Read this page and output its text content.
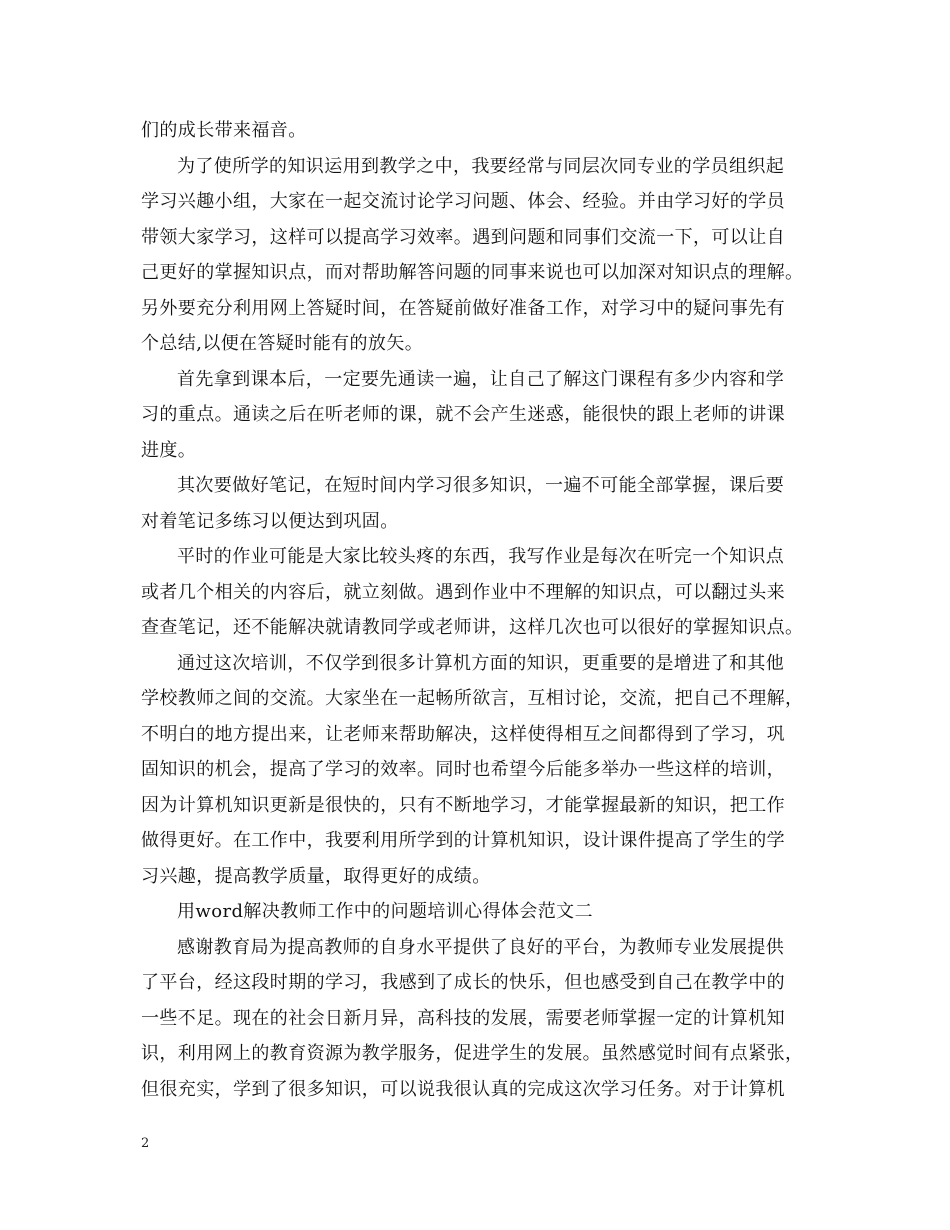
们的成长带来福音。
为了使所学的知识运用到教学之中，我要经常与同层次同专业的学员组织起
学习兴趣小组，大家在一起交流讨论学习问题、体会、经验。并由学习好的学员
带领大家学习，这样可以提高学习效率。遇到问题和同事们交流一下，可以让自
己更好的掌握知识点，而对帮助解答问题的同事来说也可以加深对知识点的理解。
另外要充分利用网上答疑时间，在答疑前做好准备工作，对学习中的疑问事先有
个总结,以便在答疑时能有的放矢。
首先拿到课本后，一定要先通读一遍，让自己了解这门课程有多少内容和学
习的重点。通读之后在听老师的课，就不会产生迷惑，能很快的跟上老师的讲课
进度。
其次要做好笔记，在短时间内学习很多知识，一遍不可能全部掌握，课后要
对着笔记多练习以便达到巩固。
平时的作业可能是大家比较头疼的东西，我写作业是每次在听完一个知识点
或者几个相关的内容后，就立刻做。遇到作业中不理解的知识点，可以翻过头来
查查笔记，还不能解决就请教同学或老师讲，这样几次也可以很好的掌握知识点。
通过这次培训，不仅学到很多计算机方面的知识，更重要的是增进了和其他
学校教师之间的交流。大家坐在一起畅所欲言，互相讨论，交流，把自己不理解，
不明白的地方提出来，让老师来帮助解决，这样使得相互之间都得到了学习，巩
固知识的机会，提高了学习的效率。同时也希望今后能多举办一些这样的培训，
因为计算机知识更新是很快的，只有不断地学习，才能掌握最新的知识，把工作
做得更好。在工作中，我要利用所学到的计算机知识，设计课件提高了学生的学
习兴趣，提高教学质量，取得更好的成绩。
用word解决教师工作中的问题培训心得体会范文二
感谢教育局为提高教师的自身水平提供了良好的平台，为教师专业发展提供
了平台，经这段时期的学习，我感到了成长的快乐，但也感受到自己在教学中的
一些不足。现在的社会日新月异，高科技的发展，需要老师掌握一定的计算机知
识，利用网上的教育资源为教学服务，促进学生的发展。虽然感觉时间有点紧张，
但很充实，学到了很多知识，可以说我很认真的完成这次学习任务。对于计算机
2
